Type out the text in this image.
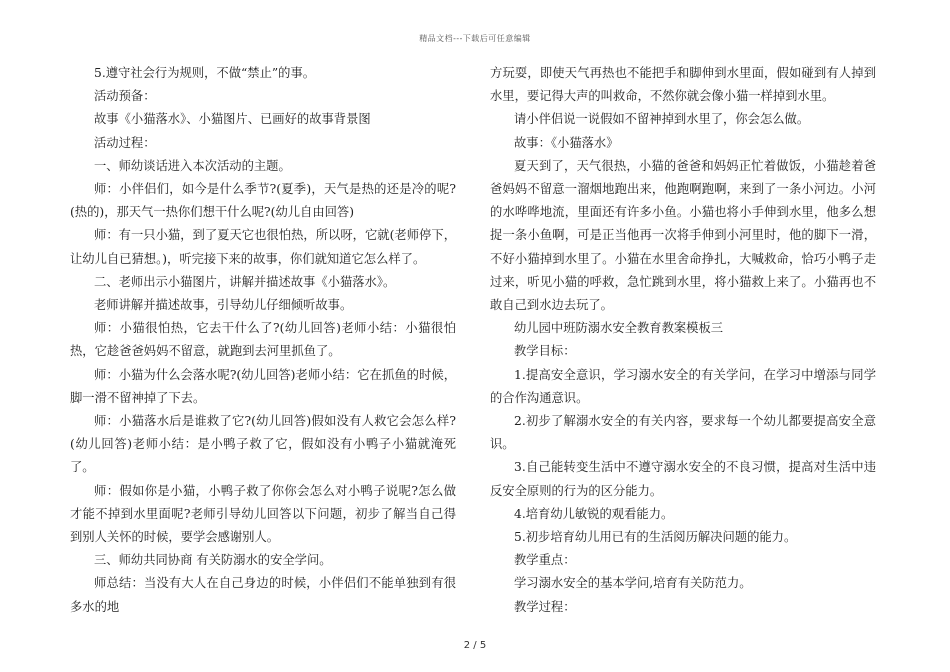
精品文档---下载后可任意编辑

5.遵守社会行为规则，不做“禁止”的事。

活动预备：

故事《小猫落水》、小猫图片、已画好的故事背景图

活动过程：

一、师幼谈话进入本次活动的主题。

师：小伴侣们，如今是什么季节?(夏季)，天气是热的还是冷的呢?(热的)，那天气一热你们想干什么呢?(幼儿自由回答)

师：有一只小猫，到了夏天它也很怕热，所以呀，它就(老师停下，让幼儿自已猜想。)，听完接下来的故事，你们就知道它怎么样了。

二、老师出示小猫图片，讲解并描述故事《小猫落水》。

老师讲解并描述故事，引导幼儿仔细倾听故事。

师：小猫很怕热，它去干什么了?(幼儿回答)老师小结：小猫很怕热，它趁爸爸妈妈不留意，就跑到去河里抓鱼了。

师：小猫为什么会落水呢?(幼儿回答)老师小结：它在抓鱼的时候，脚一滑不留神掉了下去。

师：小猫落水后是谁救了它?(幼儿回答)假如没有人救它会怎么样?(幼儿回答)老师小结：是小鸭子救了它，假如没有小鸭子小猫就淹死了。

师：假如你是小猫，小鸭子救了你你会怎么对小鸭子说呢?怎么做才能不掉到水里面呢?老师引导幼儿回答以下问题，初步了解当自己得到别人关怀的时候，要学会感谢别人。

三、师幼共同协商 有关防溺水的安全学问。

师总结：当没有大人在自己身边的时候，小伴侣们不能单独到有很多水的地

方玩耍，即使天气再热也不能把手和脚伸到水里面，假如碰到有人掉到水里，要记得大声的叫救命，不然你就会像小猫一样掉到水里。

请小伴侣说一说假如不留神掉到水里了，你会怎么做。

故事：《小猫落水》

夏天到了，天气很热，小猫的爸爸和妈妈正忙着做饭，小猫趁着爸爸妈妈不留意一溜烟地跑出来，他跑啊跑啊，来到了一条小河边。小河的水哗哗地流，里面还有许多小鱼。小猫也将小手伸到水里，他多么想捉一条小鱼啊，可是正当他再一次将手伸到小河里时，他的脚下一滑，不好小猫掉到水里了。小猫在水里舍命挣扎，大喊救命，恰巧小鸭子走过来，听见小猫的呼救，急忙跳到水里，将小猫救上来了。小猫再也不敢自己到水边去玩了。

幼儿园中班防溺水安全教育教案模板三

教学目标：

1.提高安全意识，学习溺水安全的有关学问，在学习中增添与同学的合作沟通意识。

2.初步了解溺水安全的有关内容，要求每一个幼儿都要提高安全意识。

3.自己能转变生活中不遵守溺水安全的不良习惯，提高对生活中违反安全原则的行为的区分能力。

4.培育幼儿敏锐的观看能力。

5.初步培育幼儿用已有的生活阅历解决问题的能力。

教学重点：

学习溺水安全的基本学问,培育有关防范力。

教学过程：

2 / 5
